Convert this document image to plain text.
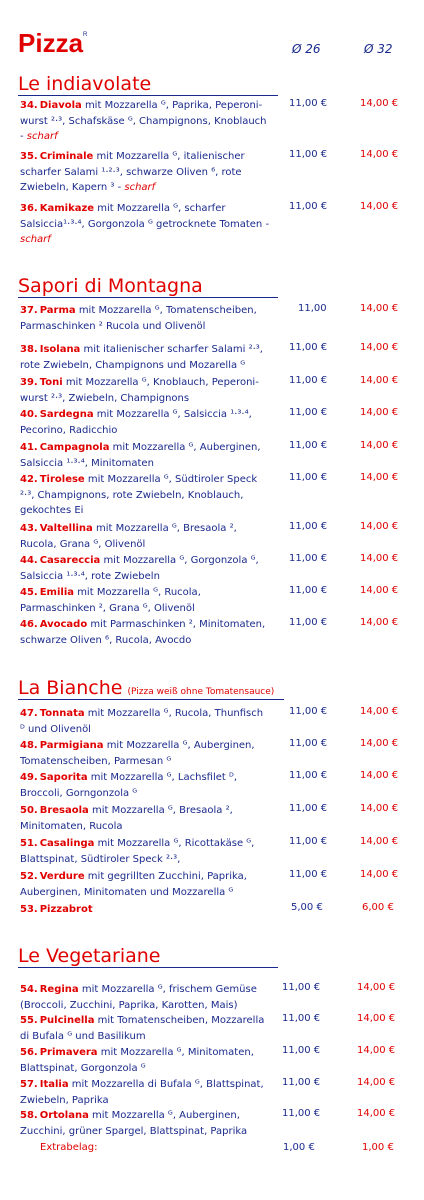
Pizza$^R$
Ø 26	Ø 32
Le indiavolate
Sapori di Montagna
La Bianche (Pizza weiß ohne Tomatensauce)
Le Vegetariane
34. Diavola mit Mozzarella ᴳ, Paprika, Peperoni-wurst ²·³, Schafskäse ᴳ, Champignons, Knoblauch - scharf
11,00 €	14,00 €
35. Criminale mit Mozzarella ᴳ, italienischer scharfer Salami ¹·²·³, schwarze Oliven ⁶, rote Zwiebeln, Kapern ³ - scharf
11,00 €	14,00 €
36. Kamikaze mit Mozzarella ᴳ, scharfer Salsiccia¹·³·⁴, Gorgonzola ᴳ getrocknete Tomaten - scharf
11,00 €	14,00 €
37. Parma mit Mozzarella ᴳ, Tomatenscheiben, Parmaschinken ² Rucola und Olivenöl
11,00	14,00 €
38. Isolana mit italienischer scharfer Salami ²·³, rote Zwiebeln, Champignons und Mozarella ᴳ
11,00 €	14,00 €
39. Toni mit Mozzarella ᴳ, Knoblauch, Peperoni-wurst ²·³, Zwiebeln, Champignons
11,00 €	14,00 €
40. Sardegna mit Mozzarella ᴳ, Salsiccia ¹·³·⁴, Pecorino, Radicchio
11,00 €	14,00 €
41. Campagnola mit Mozzarella ᴳ, Auberginen, Salsiccia ¹·³·⁴, Minitomaten
11,00 €	14,00 €
42. Tirolese mit Mozzarella ᴳ, Südtiroler Speck ²·³, Champignons, rote Zwiebeln, Knoblauch, gekochtes Ei
11,00 €	14,00 €
43. Valtellina mit Mozzarella ᴳ, Bresaola ², Rucola, Grana ᴳ, Olivenöl
11,00 €	14,00 €
44. Casareccia mit Mozzarella ᴳ, Gorgonzola ᴳ, Salsiccia ¹·³·⁴, rote Zwiebeln
11,00 €	14,00 €
45. Emilia mit Mozzarella ᴳ, Rucola, Parmaschinken ², Grana ᴳ, Olivenöl
11,00 €	14,00 €
46. Avocado mit Parmaschinken ², Minitomaten, schwarze Oliven ⁶, Rucola, Avocdo
11,00 €	14,00 €
47. Tonnata mit Mozzarella ᴳ, Rucola, Thunfisch ᴰ und Olivenöl
11,00 €	14,00 €
48. Parmigiana mit Mozzarella ᴳ, Auberginen, Tomatenscheiben, Parmesan ᴳ
11,00 €	14,00 €
49. Saporita mit Mozzarella ᴳ, Lachsfilet ᴰ, Broccoli, Gorngonzola ᴳ
11,00 €	14,00 €
50. Bresaola mit Mozzarella ᴳ, Bresaola ², Minitomaten, Rucola
11,00 €	14,00 €
51. Casalinga mit Mozzarella ᴳ, Ricottakäse ᴳ, Blattspinat, Südtiroler Speck ²·³,
11,00 €	14,00 €
52. Verdure mit gegrillten Zucchini, Paprika, Auberginen, Minitomaten und Mozzarella ᴳ
11,00 €	14,00 €
53. Pizzabrot	5,00 €	6,00 €
54. Regina mit Mozzarella ᴳ, frischem Gemüse (Broccoli, Zucchini, Paprika, Karotten, Mais)
11,00 €	14,00 €
55. Pulcinella mit Tomatenscheiben, Mozzarella di Bufala ᴳ und Basilikum
11,00 €	14,00 €
56. Primavera mit Mozzarella ᴳ, Minitomaten, Blattspinat, Gorgonzola ᴳ
11,00 €	14,00 €
57. Italia mit Mozzarella di Bufala ᴳ, Blattspinat, Zwiebeln, Paprika
11,00 €	14,00 €
58. Ortolana mit Mozzarella ᴳ, Auberginen, Zucchini, grüner Spargel, Blattspinat, Paprika
11,00 €	14,00 €
Extrabelag:	1,00 €	1,00 €
